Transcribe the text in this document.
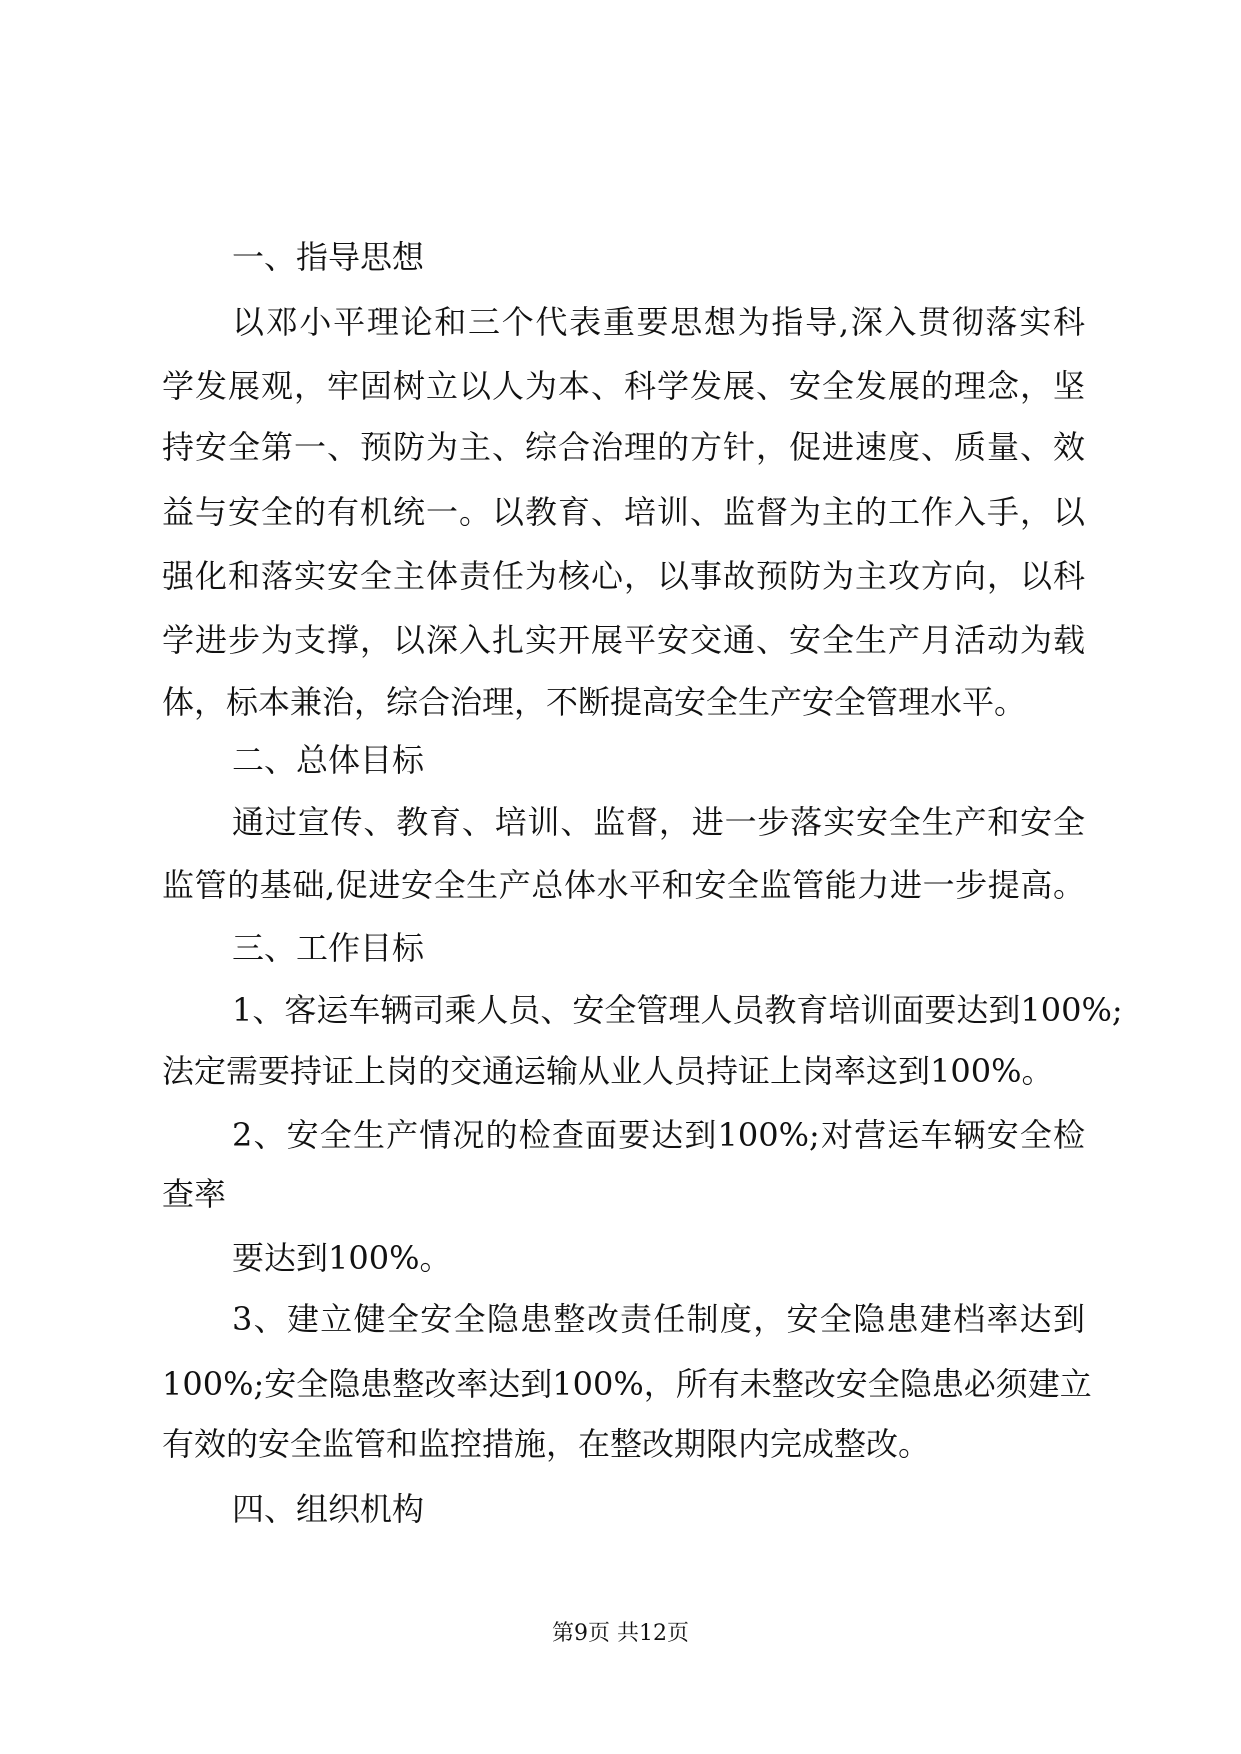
一、指导思想
以邓小平理论和三个代表重要思想为指导,深入贯彻落实科
学发展观，牢固树立以人为本、科学发展、安全发展的理念，坚
持安全第一、预防为主、综合治理的方针，促进速度、质量、效
益与安全的有机统一。以教育、培训、监督为主的工作入手，以
强化和落实安全主体责任为核心，以事故预防为主攻方向，以科
学进步为支撑，以深入扎实开展平安交通、安全生产月活动为载
体，标本兼治，综合治理，不断提高安全生产安全管理水平。
二、总体目标
通过宣传、教育、培训、监督，进一步落实安全生产和安全
监管的基础,促进安全生产总体水平和安全监管能力进一步提高。
三、工作目标
1、客运车辆司乘人员、安全管理人员教育培训面要达到100%;
法定需要持证上岗的交通运输从业人员持证上岗率这到100%。
2、安全生产情况的检查面要达到100%;对营运车辆安全检
查率
要达到100%。
3、建立健全安全隐患整改责任制度，安全隐患建档率达到
100%;安全隐患整改率达到100%，所有未整改安全隐患必须建立
有效的安全监管和监控措施，在整改期限内完成整改。
四、组织机构
第9页 共12页
